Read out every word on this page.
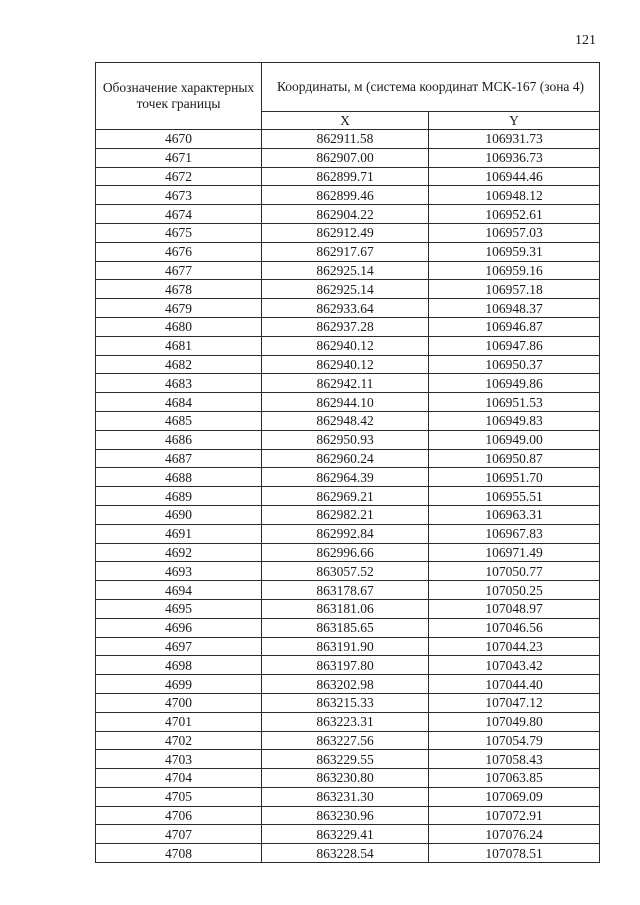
121
Обозначение характерных точек границы	Координаты, м (система координат МСК-167 (зона 4)	
	X	Y
4670	862911.58	106931.73
4671	862907.00	106936.73
4672	862899.71	106944.46
4673	862899.46	106948.12
4674	862904.22	106952.61
4675	862912.49	106957.03
4676	862917.67	106959.31
4677	862925.14	106959.16
4678	862925.14	106957.18
4679	862933.64	106948.37
4680	862937.28	106946.87
4681	862940.12	106947.86
4682	862940.12	106950.37
4683	862942.11	106949.86
4684	862944.10	106951.53
4685	862948.42	106949.83
4686	862950.93	106949.00
4687	862960.24	106950.87
4688	862964.39	106951.70
4689	862969.21	106955.51
4690	862982.21	106963.31
4691	862992.84	106967.83
4692	862996.66	106971.49
4693	863057.52	107050.77
4694	863178.67	107050.25
4695	863181.06	107048.97
4696	863185.65	107046.56
4697	863191.90	107044.23
4698	863197.80	107043.42
4699	863202.98	107044.40
4700	863215.33	107047.12
4701	863223.31	107049.80
4702	863227.56	107054.79
4703	863229.55	107058.43
4704	863230.80	107063.85
4705	863231.30	107069.09
4706	863230.96	107072.91
4707	863229.41	107076.24
4708	863228.54	107078.51
